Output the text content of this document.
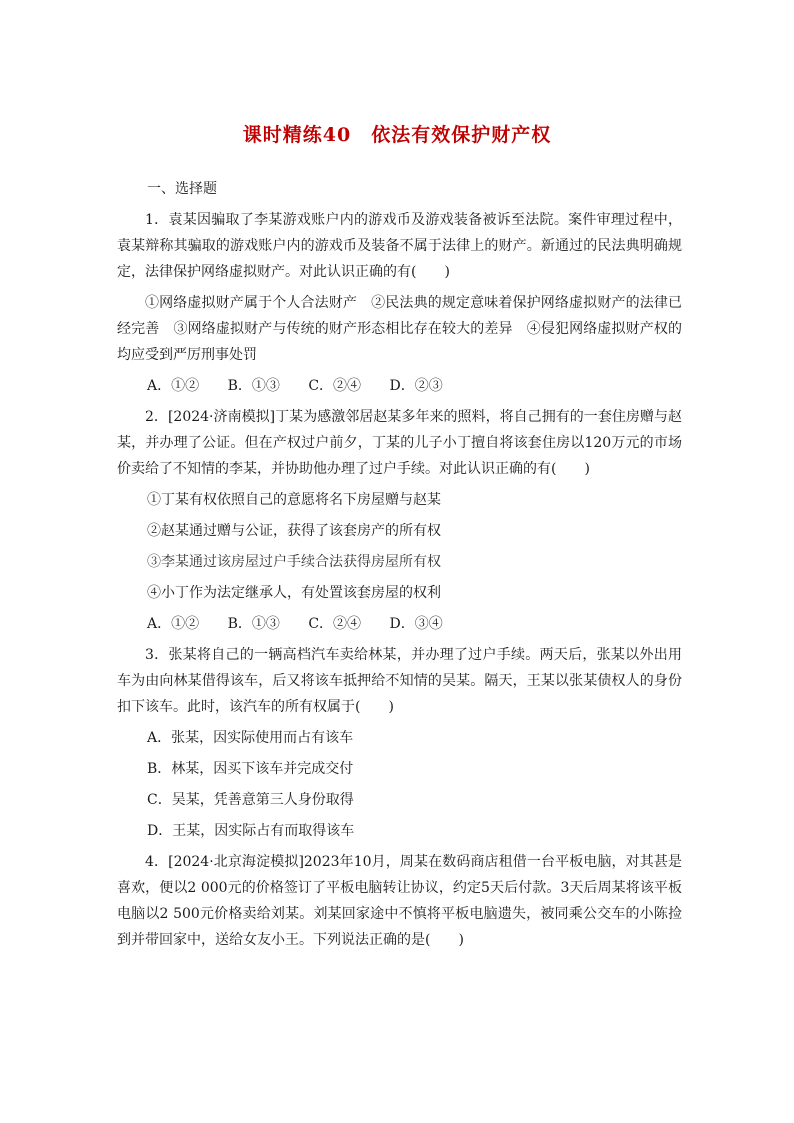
课时精练40　依法有效保护财产权
一、选择题
1．袁某因骗取了李某游戏账户内的游戏币及游戏装备被诉至法院。案件审理过程中，袁某辩称其骗取的游戏账户内的游戏币及装备不属于法律上的财产。新通过的民法典明确规定，法律保护网络虚拟财产。对此认识正确的有(　　)
①网络虚拟财产属于个人合法财产　②民法典的规定意味着保护网络虚拟财产的法律已经完善　③网络虚拟财产与传统的财产形态相比存在较大的差异　④侵犯网络虚拟财产权的均应受到严厉刑事处罚
A．①② B．①③ C．②④ D．②③
2．[2024·济南模拟]丁某为感激邻居赵某多年来的照料，将自己拥有的一套住房赠与赵某，并办理了公证。但在产权过户前夕，丁某的儿子小丁擅自将该套住房以120万元的市场价卖给了不知情的李某，并协助他办理了过户手续。对此认识正确的有(　　)
①丁某有权依照自己的意愿将名下房屋赠与赵某
②赵某通过赠与公证，获得了该套房产的所有权
③李某通过该房屋过户手续合法获得房屋所有权
④小丁作为法定继承人，有处置该套房屋的权利
A．①② B．①③ C．②④ D．③④
3．张某将自己的一辆高档汽车卖给林某，并办理了过户手续。两天后，张某以外出用车为由向林某借得该车，后又将该车抵押给不知情的吴某。隔天，王某以张某债权人的身份扣下该车。此时，该汽车的所有权属于(　　)
A．张某，因实际使用而占有该车
B．林某，因买下该车并完成交付
C．吴某，凭善意第三人身份取得
D．王某，因实际占有而取得该车
4．[2024·北京海淀模拟]2023年10月，周某在数码商店租借一台平板电脑，对其甚是喜欢，便以2 000元的价格签订了平板电脑转让协议，约定5天后付款。3天后周某将该平板电脑以2 500元价格卖给刘某。刘某回家途中不慎将平板电脑遗失，被同乘公交车的小陈捡到并带回家中，送给女友小王。下列说法正确的是(　　)
